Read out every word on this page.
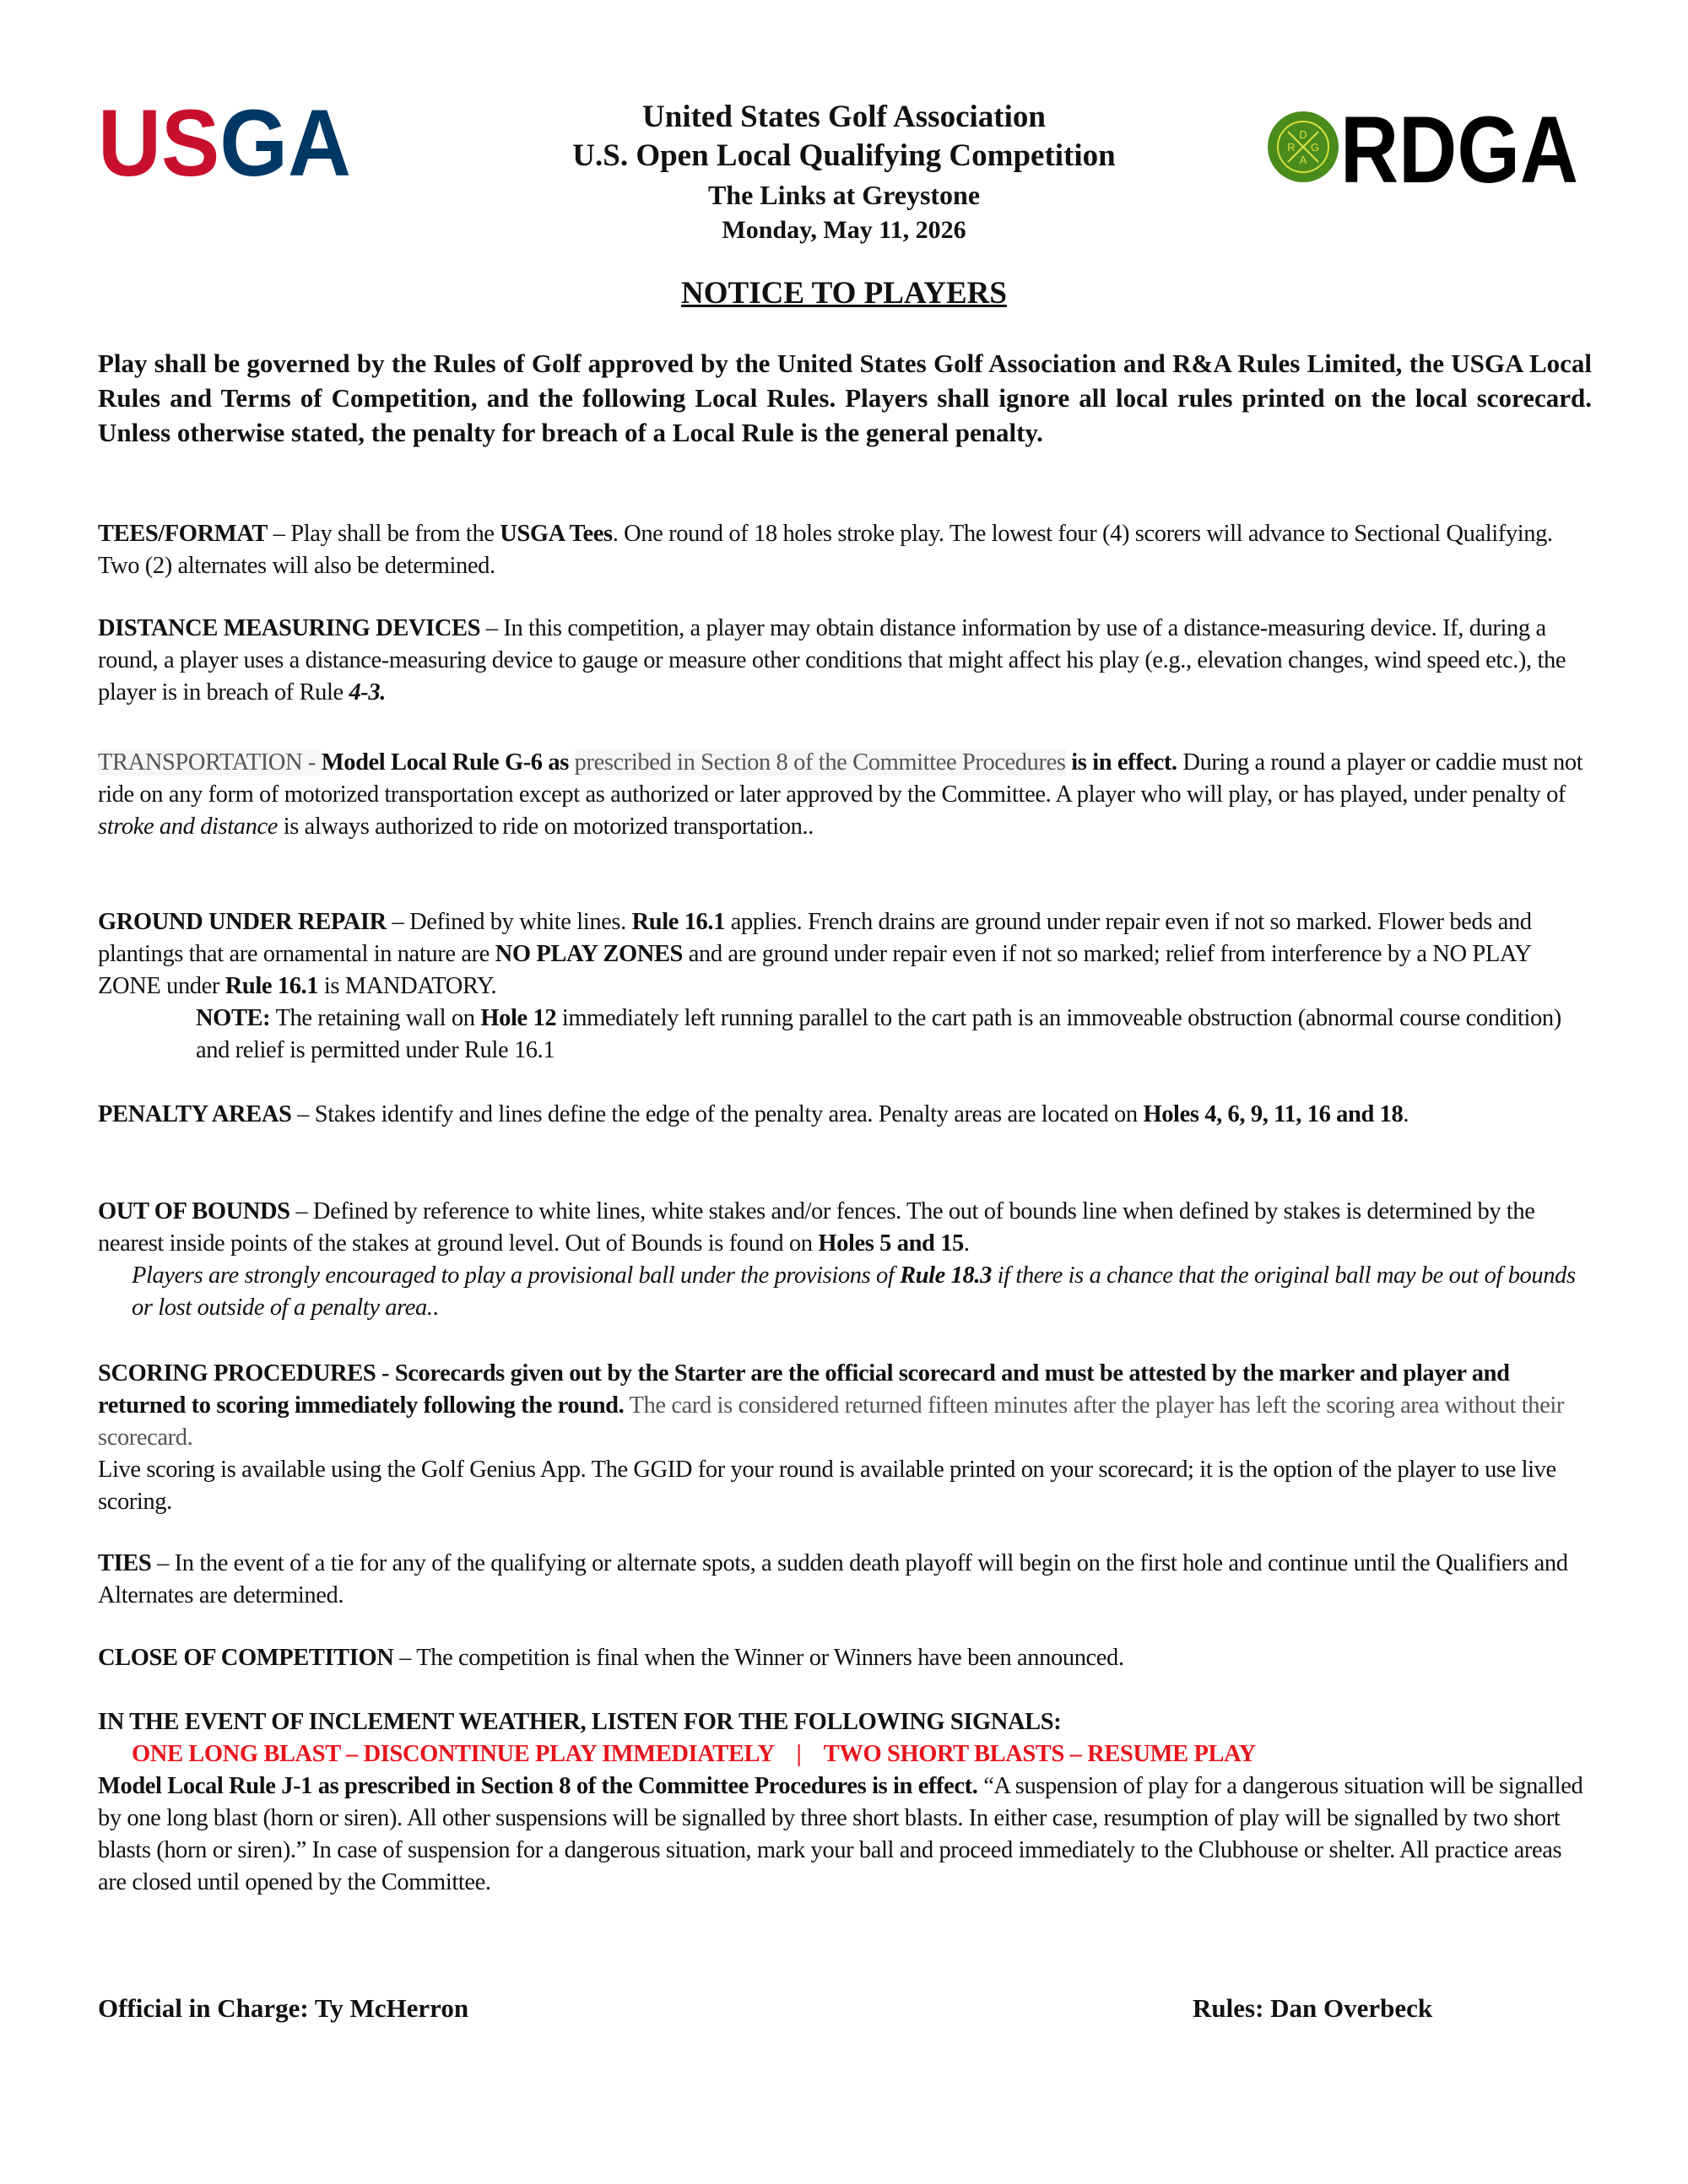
USGA	D
R G
A RDGA
United States Golf Association
U.S. Open Local Qualifying Competition
The Links at Greystone
Monday, May 11, 2026
NOTICE TO PLAYERS
Play shall be governed by the Rules of Golf approved by the United States Golf Association and R&A Rules Limited, the USGA Local Rules and Terms of Competition, and the following Local Rules. Players shall ignore all local rules printed on the local scorecard. Unless otherwise stated, the penalty for breach of a Local Rule is the general penalty.
TEES/FORMAT – Play shall be from the USGA Tees. One round of 18 holes stroke play. The lowest four (4) scorers will advance to Sectional Qualifying. Two (2) alternates will also be determined.
DISTANCE MEASURING DEVICES – In this competition, a player may obtain distance information by use of a distance-measuring device. If, during a round, a player uses a distance-measuring device to gauge or measure other conditions that might affect his play (e.g., elevation changes, wind speed etc.), the player is in breach of Rule 4-3.
TRANSPORTATION - Model Local Rule G-6 as prescribed in Section 8 of the Committee Procedures is in effect. During a round a player or caddie must not ride on any form of motorized transportation except as authorized or later approved by the Committee. A player who will play, or has played, under penalty of stroke and distance is always authorized to ride on motorized transportation..
GROUND UNDER REPAIR – Defined by white lines. Rule 16.1 applies. French drains are ground under repair even if not so marked. Flower beds and plantings that are ornamental in nature are NO PLAY ZONES and are ground under repair even if not so marked; relief from interference by a NO PLAY ZONE under Rule 16.1 is MANDATORY.
NOTE: The retaining wall on Hole 12 immediately left running parallel to the cart path is an immoveable obstruction (abnormal course condition) and relief is permitted under Rule 16.1
PENALTY AREAS – Stakes identify and lines define the edge of the penalty area. Penalty areas are located on Holes 4, 6, 9, 11, 16 and 18.
OUT OF BOUNDS – Defined by reference to white lines, white stakes and/or fences. The out of bounds line when defined by stakes is determined by the nearest inside points of the stakes at ground level. Out of Bounds is found on Holes 5 and 15.
Players are strongly encouraged to play a provisional ball under the provisions of Rule 18.3 if there is a chance that the original ball may be out of bounds or lost outside of a penalty area..
SCORING PROCEDURES - Scorecards given out by the Starter are the official scorecard and must be attested by the marker and player and returned to scoring immediately following the round. The card is considered returned fifteen minutes after the player has left the scoring area without their scorecard.
Live scoring is available using the Golf Genius App. The GGID for your round is available printed on your scorecard; it is the option of the player to use live scoring.
TIES – In the event of a tie for any of the qualifying or alternate spots, a sudden death playoff will begin on the first hole and continue until the Qualifiers and Alternates are determined.
CLOSE OF COMPETITION – The competition is final when the Winner or Winners have been announced.
IN THE EVENT OF INCLEMENT WEATHER, LISTEN FOR THE FOLLOWING SIGNALS:
ONE LONG BLAST – DISCONTINUE PLAY IMMEDIATELY    |    TWO SHORT BLASTS – RESUME PLAY
Model Local Rule J-1 as prescribed in Section 8 of the Committee Procedures is in effect. “A suspension of play for a dangerous situation will be signalled by one long blast (horn or siren). All other suspensions will be signalled by three short blasts. In either case, resumption of play will be signalled by two short blasts (horn or siren).” In case of suspension for a dangerous situation, mark your ball and proceed immediately to the Clubhouse or shelter. All practice areas are closed until opened by the Committee.
Official in Charge: Ty McHerron	Rules: Dan Overbeck
